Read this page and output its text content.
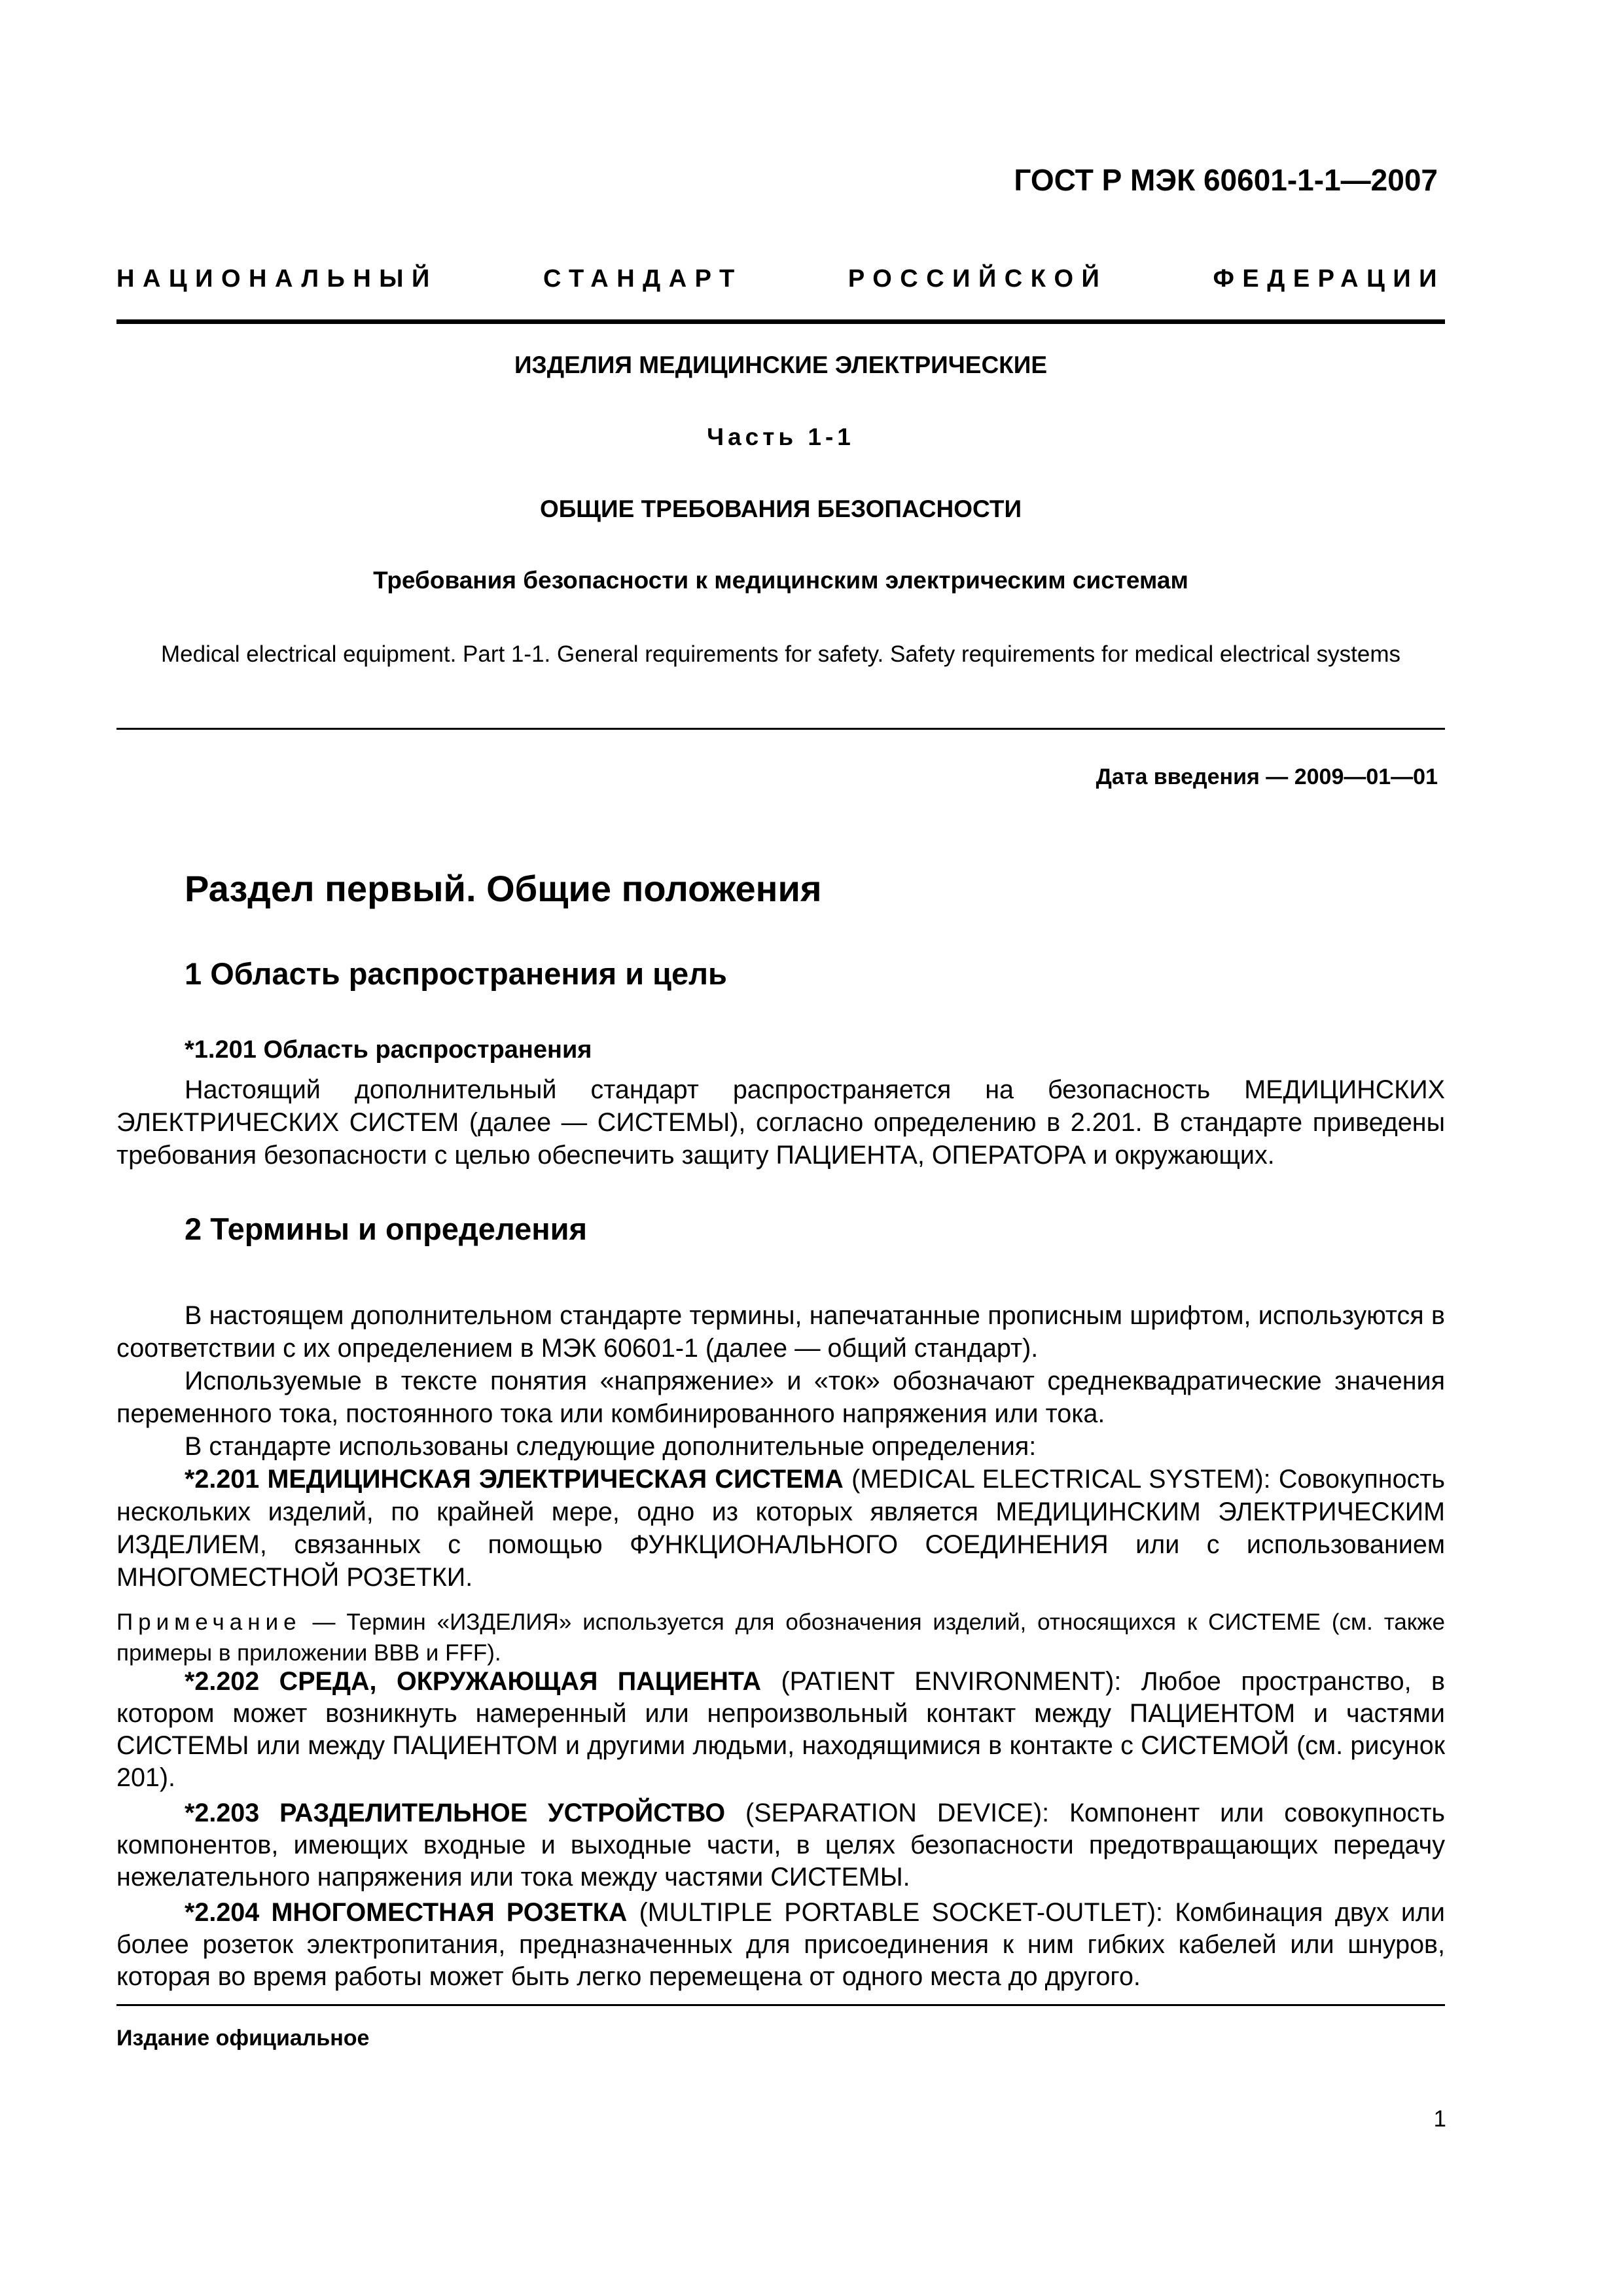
ГОСТ Р МЭК 60601-1-1—2007
НАЦИОНАЛЬНЫЙ	СТАНДАРТ	РОССИЙСКОЙ	ФЕДЕРАЦИИ
ИЗДЕЛИЯ МЕДИЦИНСКИЕ ЭЛЕКТРИЧЕСКИЕ
Часть 1-1
ОБЩИЕ ТРЕБОВАНИЯ БЕЗОПАСНОСТИ
Требования безопасности к медицинским электрическим системам
Medical electrical equipment. Part 1-1. General requirements for safety. Safety requirements for medical electrical systems
Дата введения — 2009—01—01
Раздел первый. Общие положения
1 Область распространения и цель
*1.201 Область распространения

Настоящий дополнительный стандарт распространяется на безопасность МЕДИЦИНСКИХ ЭЛЕКТРИЧЕСКИХ СИСТЕМ (далее — СИСТЕМЫ), согласно определению в 2.201. В стандарте приведены требования безопасности с целью обеспечить защиту ПАЦИЕНТА, ОПЕРАТОРА и окружающих.

2 Термины и определения

В настоящем дополнительном стандарте термины, напечатанные прописным шрифтом, используются в соответствии с их определением в МЭК 60601-1 (далее — общий стандарт).

Используемые в тексте понятия «напряжение» и «ток» обозначают среднеквадратические значения переменного тока, постоянного тока или комбинированного напряжения или тока.

В стандарте использованы следующие дополнительные определения:

*2.201 МЕДИЦИНСКАЯ ЭЛЕКТРИЧЕСКАЯ СИСТЕМА (MEDICAL ELECTRICAL SYSTEM): Совокупность нескольких изделий, по крайней мере, одно из которых является МЕДИЦИНСКИМ ЭЛЕКТРИЧЕСКИМ ИЗДЕЛИЕМ, связанных с помощью ФУНКЦИОНАЛЬНОГО СОЕДИНЕНИЯ или с использованием МНОГОМЕСТНОЙ РОЗЕТКИ.

Примечание — Термин «ИЗДЕЛИЯ» используется для обозначения изделий, относящихся к СИСТЕМЕ (см. также примеры в приложении ВВВ и FFF).

*2.202 СРЕДА, ОКРУЖАЮЩАЯ ПАЦИЕНТА (PATIENT ENVIRONMENT): Любое пространство, в котором может возникнуть намеренный или непроизвольный контакт между ПАЦИЕНТОМ и частями СИСТЕМЫ или между ПАЦИЕНТОМ и другими людьми, находящимися в контакте с СИСТЕМОЙ (см. рисунок 201).

*2.203 РАЗДЕЛИТЕЛЬНОЕ УСТРОЙСТВО (SEPARATION DEVICE): Компонент или совокупность компонентов, имеющих входные и выходные части, в целях безопасности предотвращающих передачу нежелательного напряжения или тока между частями СИСТЕМЫ.

*2.204 МНОГОМЕСТНАЯ РОЗЕТКА (MULTIPLE PORTABLE SOCKET-OUTLET): Комбинация двух или более розеток электропитания, предназначенных для присоединения к ним гибких кабелей или шнуров, которая во время работы может быть легко перемещена от одного места до другого.

Издание официальное
1
